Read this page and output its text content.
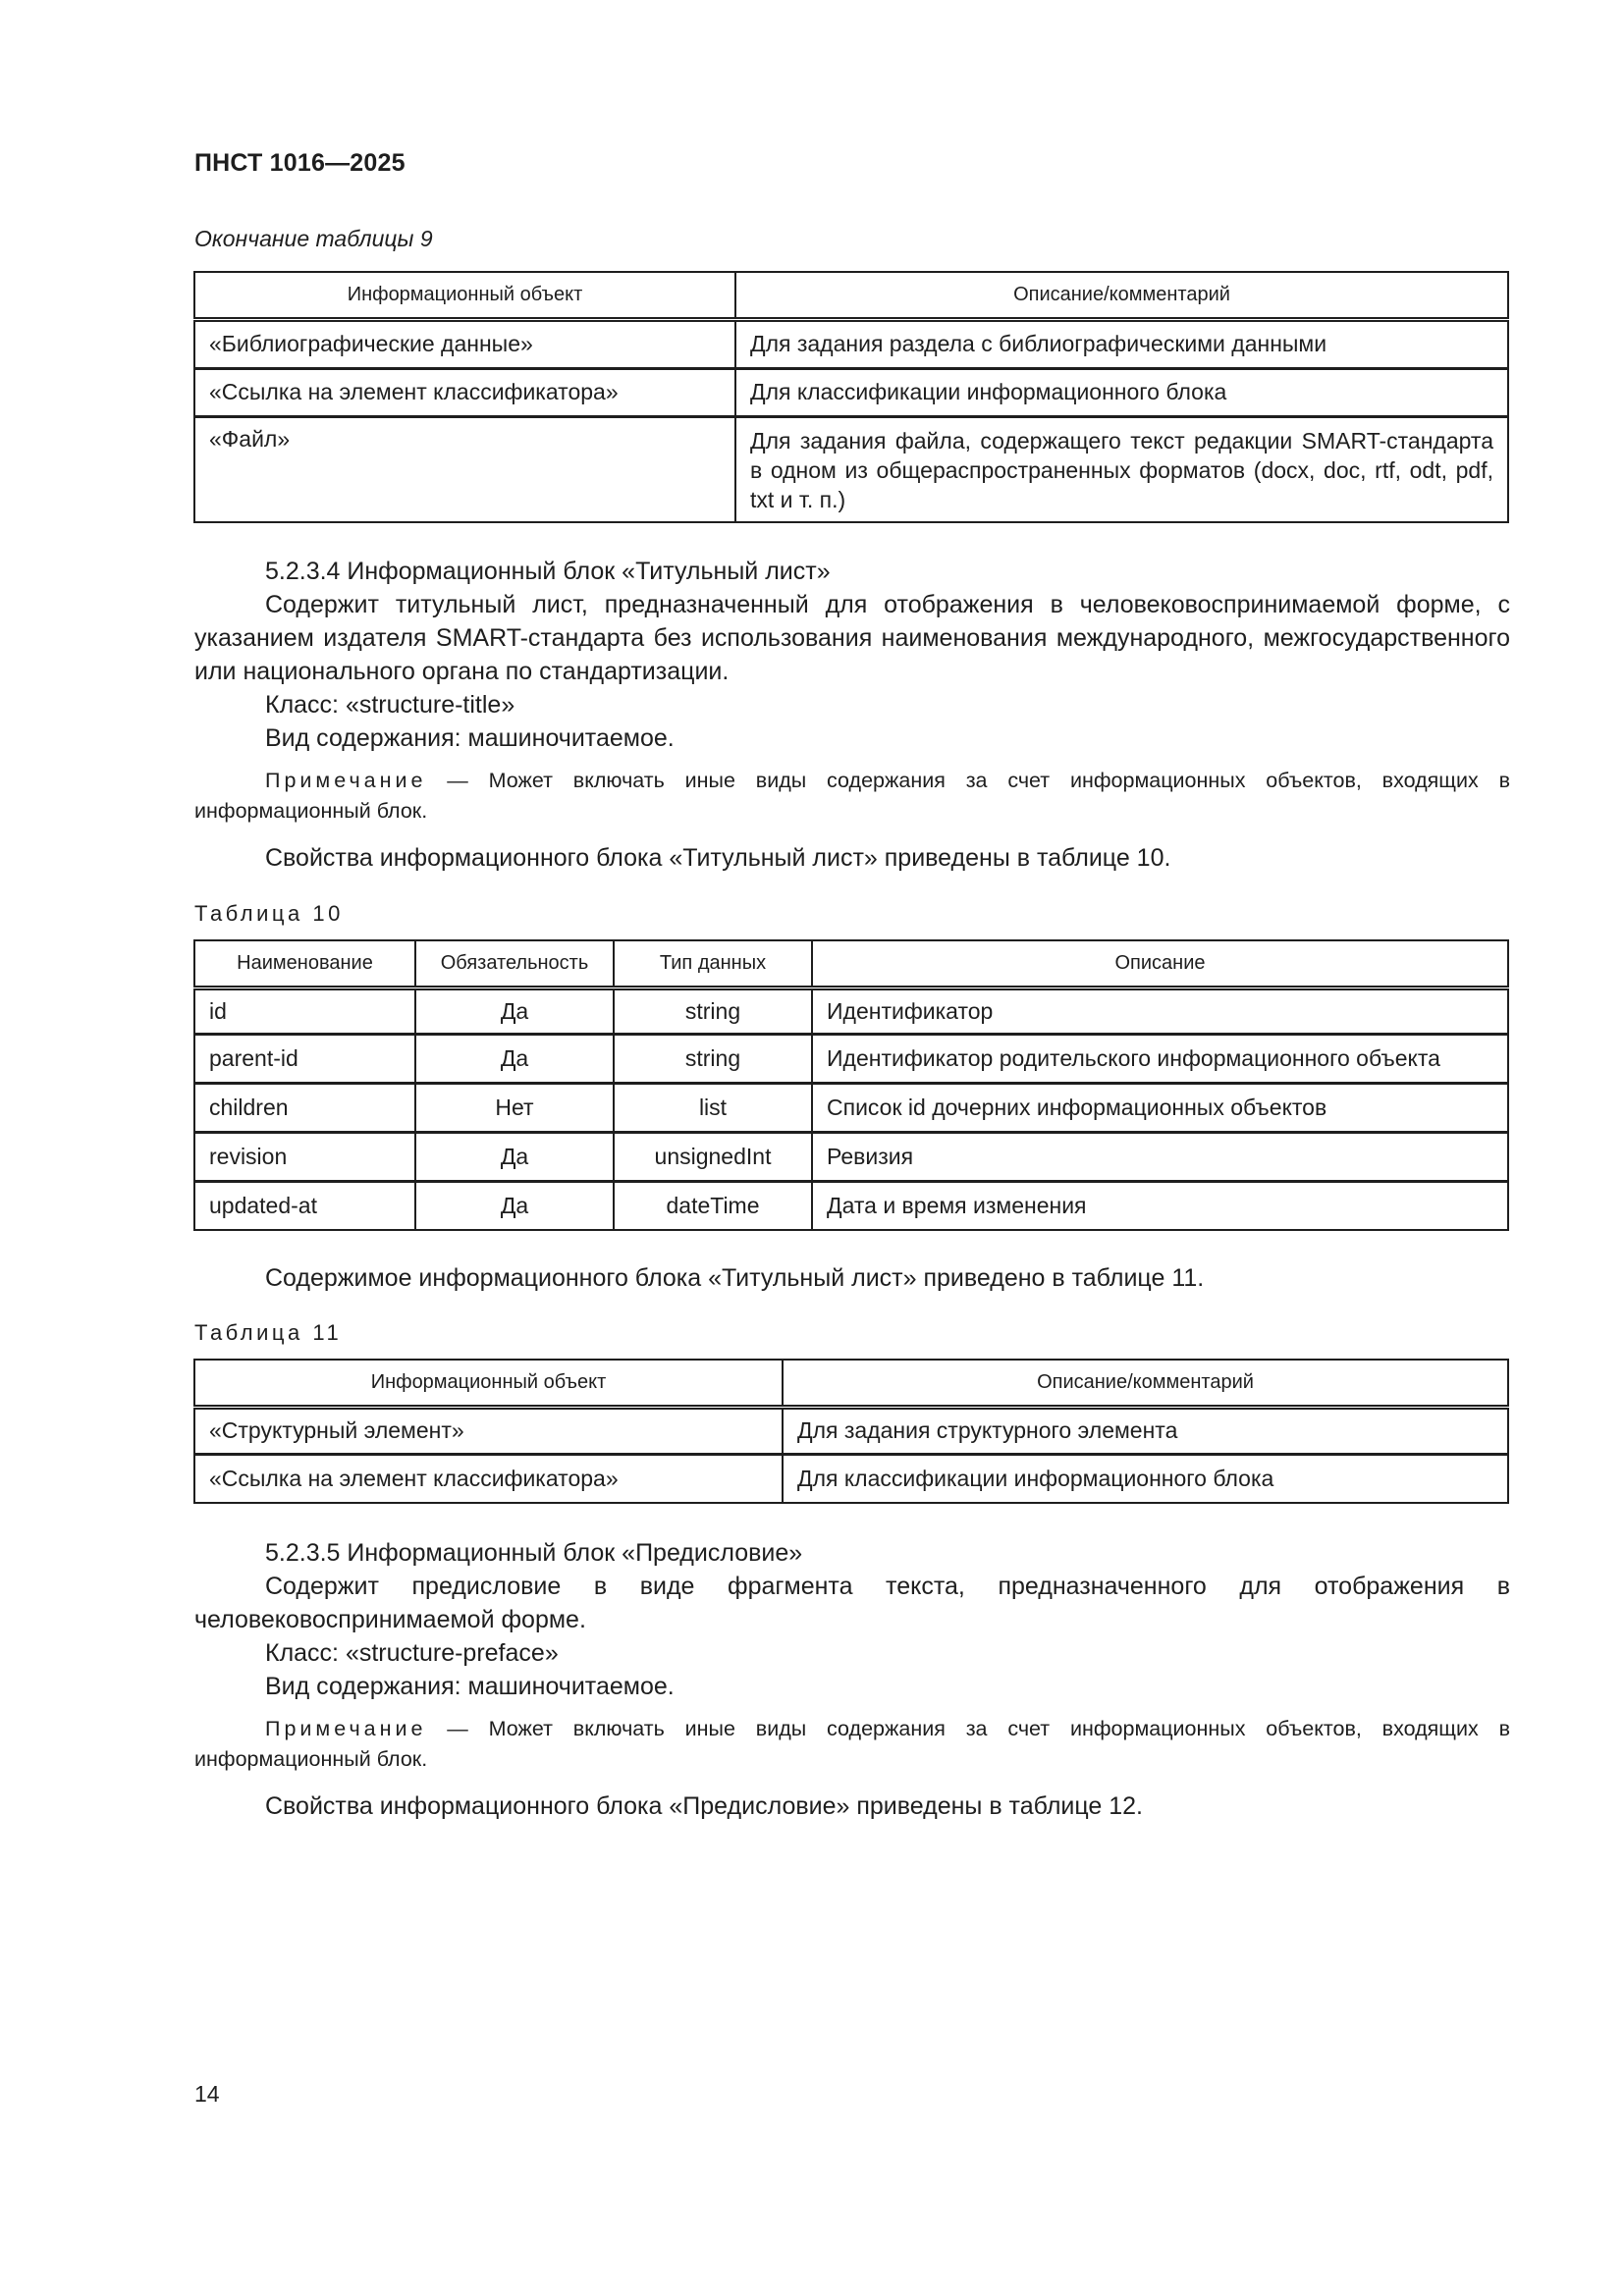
ПНСТ 1016—2025
Окончание таблицы 9
Информационный объект	Описание/комментарий
«Библиографические данные»	Для задания раздела с библиографическими данными
«Ссылка на элемент классификатора»	Для классификации информационного блока
«Файл»	Для задания файла, содержащего текст редакции SMART-стандарта в одном из общераспространенных форматов (docx, doc, rtf, odt, pdf, txt и т. п.)
5.2.3.4 Информационный блок «Титульный лист»
Содержит титульный лист, предназначенный для отображения в человековоспринимаемой форме, с указанием издателя SMART-стандарта без использования наименования международного, межгосударственного или национального органа по стандартизации.
Класс: «structure-title»
Вид содержания: машиночитаемое.
Примечание — Может включать иные виды содержания за счет информационных объектов, входящих в информационный блок.
Свойства информационного блока «Титульный лист» приведены в таблице 10.
Таблица 10
Наименование	Обязательность	Тип данных	Описание
id	Да	string	Идентификатор
parent-id	Да	string	Идентификатор родительского информационного объекта
children	Нет	list	Список id дочерних информационных объектов
revision	Да	unsignedInt	Ревизия
updated-at	Да	dateTime	Дата и время изменения
Содержимое информационного блока «Титульный лист» приведено в таблице 11.
Таблица 11
Информационный объект	Описание/комментарий
«Структурный элемент»	Для задания структурного элемента
«Ссылка на элемент классификатора»	Для классификации информационного блока
5.2.3.5 Информационный блок «Предисловие»
Содержит предисловие в виде фрагмента текста, предназначенного для отображения в человековоспринимаемой форме.
Класс: «structure-preface»
Вид содержания: машиночитаемое.
Примечание — Может включать иные виды содержания за счет информационных объектов, входящих в информационный блок.
Свойства информационного блока «Предисловие» приведены в таблице 12.
14
